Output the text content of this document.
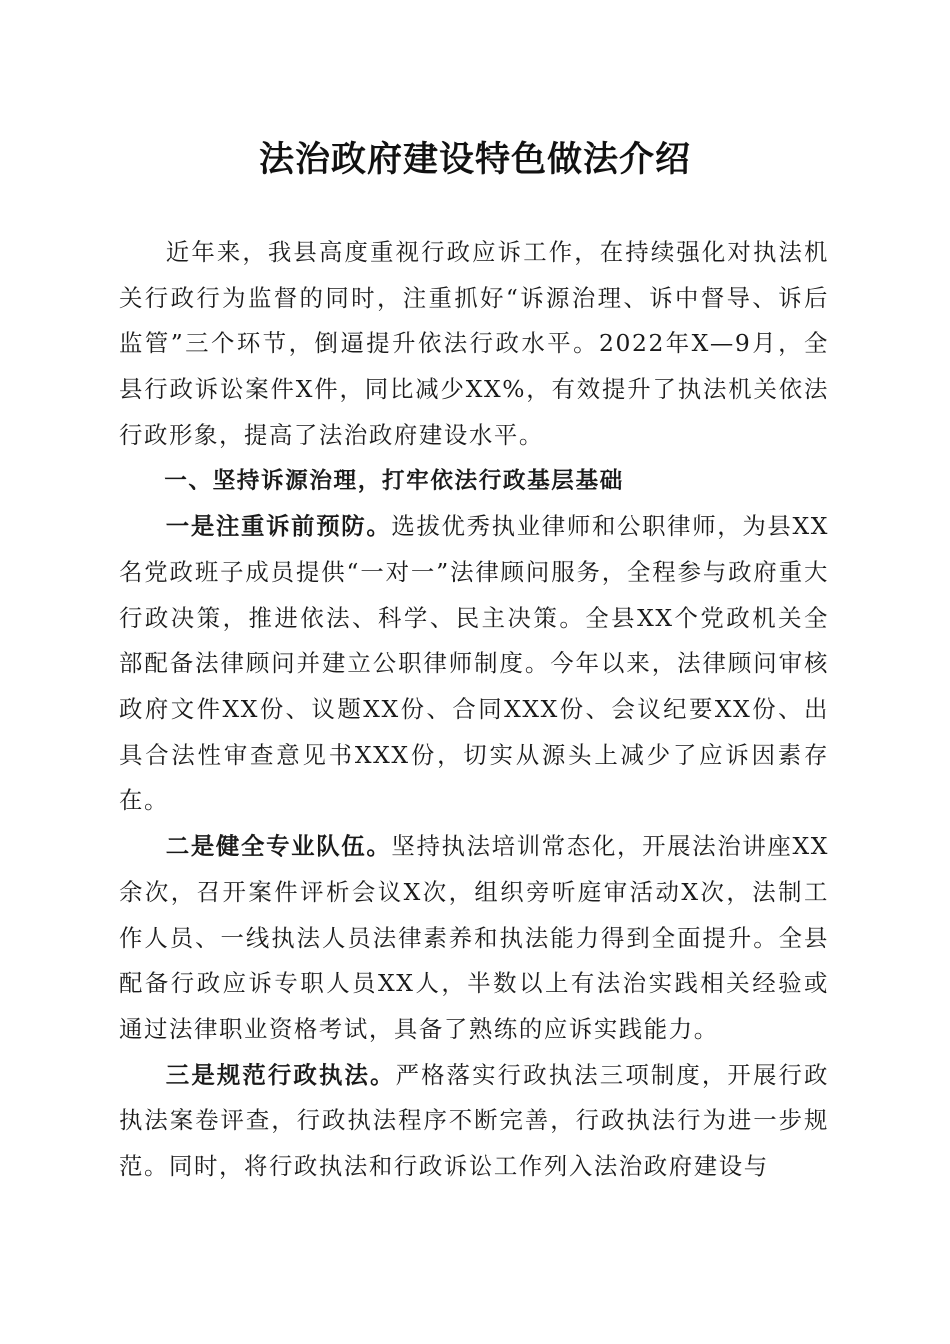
法治政府建设特色做法介绍

近年来，我县高度重视行政应诉工作，在持续强化对执法机关行政行为监督的同时，注重抓好“诉源治理、诉中督导、诉后监管”三个环节，倒逼提升依法行政水平。2022年X—9月，全县行政诉讼案件X件，同比减少XX%，有效提升了执法机关依法行政形象，提高了法治政府建设水平。

一、坚持诉源治理，打牢依法行政基层基础

一是注重诉前预防。选拔优秀执业律师和公职律师，为县XX名党政班子成员提供“一对一”法律顾问服务，全程参与政府重大行政决策，推进依法、科学、民主决策。全县XX个党政机关全部配备法律顾问并建立公职律师制度。今年以来，法律顾问审核政府文件XX份、议题XX份、合同XXX份、会议纪要XX份、出具合法性审查意见书XXX份，切实从源头上减少了应诉因素存在。

二是健全专业队伍。坚持执法培训常态化，开展法治讲座XX余次，召开案件评析会议X次，组织旁听庭审活动X次，法制工作人员、一线执法人员法律素养和执法能力得到全面提升。全县配备行政应诉专职人员XX人，半数以上有法治实践相关经验或通过法律职业资格考试，具备了熟练的应诉实践能力。

三是规范行政执法。严格落实行政执法三项制度，开展行政执法案卷评查，行政执法程序不断完善，行政执法行为进一步规范。同时，将行政执法和行政诉讼工作列入法治政府建设与
